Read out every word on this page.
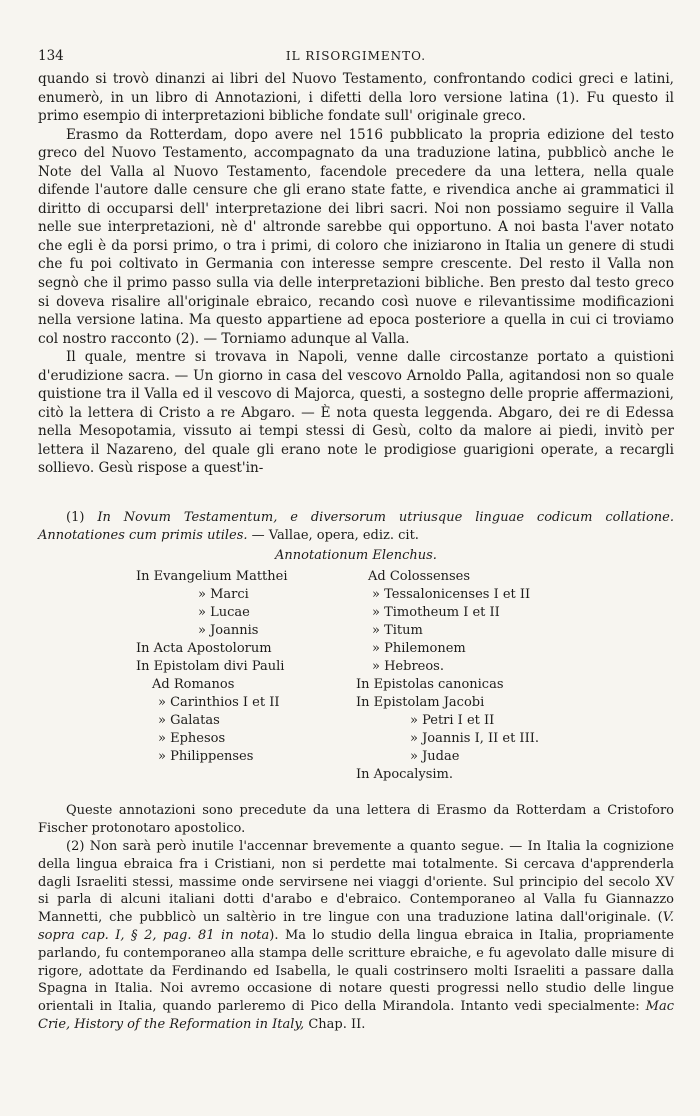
134	IL RISORGIMENTO.

quando si trovò dinanzi ai libri del Nuovo Testamento, confrontando codici greci e latini, enumerò, in un libro di Annotazioni, i difetti della loro versione latina (1). Fu questo il primo esempio di interpretazioni bibliche fondate sull' originale greco.

Erasmo da Rotterdam, dopo avere nel 1516 pubblicato la propria edizione del testo greco del Nuovo Testamento, accompagnato da una traduzione latina, pubblicò anche le Note del Valla al Nuovo Testamento, facendole precedere da una lettera, nella quale difende l'autore dalle censure che gli erano state fatte, e rivendica anche ai grammatici il diritto di occuparsi dell' interpretazione dei libri sacri. Noi non possiamo seguire il Valla nelle sue interpretazioni, nè d' altronde sarebbe qui opportuno. A noi basta l'aver notato che egli è da porsi primo, o tra i primi, di coloro che iniziarono in Italia un genere di studi che fu poi coltivato in Germania con interesse sempre crescente. Del resto il Valla non segnò che il primo passo sulla via delle interpretazioni bibliche. Ben presto dal testo greco si doveva risalire all'originale ebraico, recando così nuove e rilevantissime modificazioni nella versione latina. Ma questo appartiene ad epoca posteriore a quella in cui ci troviamo col nostro racconto (2). — Torniamo adunque al Valla.

Il quale, mentre si trovava in Napoli, venne dalle circostanze portato a quistioni d'erudizione sacra. — Un giorno in casa del vescovo Arnoldo Palla, agitandosi non so quale quistione tra il Valla ed il vescovo di Majorca, questi, a sostegno delle proprie affermazioni, citò la lettera di Cristo a re Abgaro. — È nota questa leggenda. Abgaro, dei re di Edessa nella Mesopotamia, vissuto ai tempi stessi di Gesù, colto da malore ai piedi, invitò per lettera il Nazareno, del quale gli erano note le prodigiose guarigioni operate, a recargli sollievo. Gesù rispose a quest'in-

(1) In Novum Testamentum, e diversorum utriusque linguae codicum collatione. Annotationes cum primis utiles. — Vallae, opera, ediz. cit.

Annotationum Elenchus.
In Evangelium Matthei
» Marci
» Lucae
» Joannis
In Acta Apostolorum
In Epistolam divi Pauli
Ad Romanos
» Carinthios I et II
» Galatas
» Ephesos
» Philippenses
Ad Colossenses
» Tessalonicenses I et II
» Timotheum I et II
» Titum
» Philemonem
» Hebreos.
In Epistolas canonicas
In Epistolam Jacobi
» Petri I et II
» Joannis I, II et III.
» Judae
In Apocalysim.

Queste annotazioni sono precedute da una lettera di Erasmo da Rotterdam a Cristoforo Fischer protonotaro apostolico.

(2) Non sarà però inutile l'accennar brevemente a quanto segue. — In Italia la cognizione della lingua ebraica fra i Cristiani, non si perdette mai totalmente. Si cercava d'apprenderla dagli Israeliti stessi, massime onde servirsene nei viaggi d'oriente. Sul principio del secolo XV si parla di alcuni italiani dotti d'arabo e d'ebraico. Contemporaneo al Valla fu Giannazzo Mannetti, che pubblicò un saltèrio in tre lingue con una traduzione latina dall'originale. (V. sopra cap. I, § 2, pag. 81 in nota). Ma lo studio della lingua ebraica in Italia, propriamente parlando, fu contemporaneo alla stampa delle scritture ebraiche, e fu agevolato dalle misure di rigore, adottate da Ferdinando ed Isabella, le quali costrinsero molti Israeliti a passare dalla Spagna in Italia. Noi avremo occasione di notare questi progressi nello studio delle lingue orientali in Italia, quando parleremo di Pico della Mirandola. Intanto vedi specialmente: Mac Crie, History of the Reformation in Italy, Chap. II.
